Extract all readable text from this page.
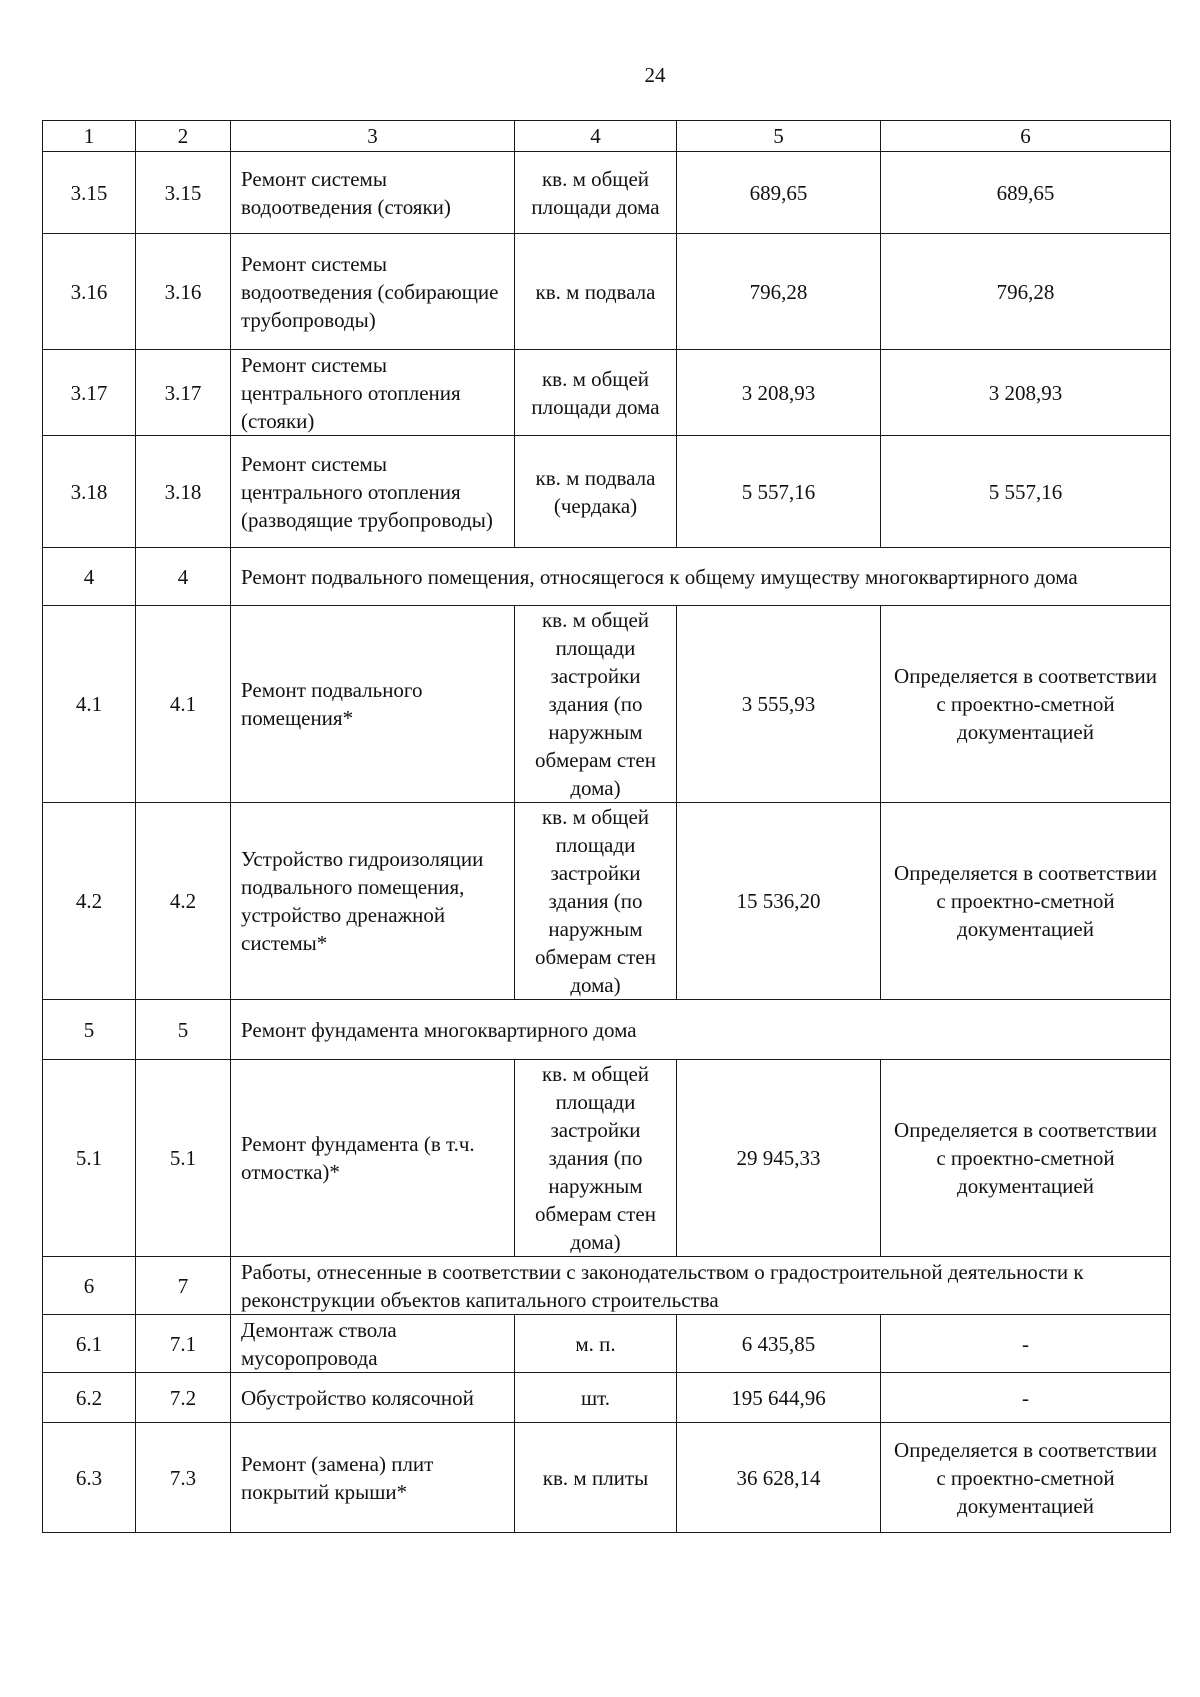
24
1	2	3	4	5	6
3.15	3.15	Ремонт системы водоотведения (стояки)	кв. м общей площади дома	689,65	689,65
3.16	3.16	Ремонт системы водоотведения (собирающие трубопроводы)	кв. м подвала	796,28	796,28
3.17	3.17	Ремонт системы центрального отопления (стояки)	кв. м общей площади дома	3 208,93	3 208,93
3.18	3.18	Ремонт системы центрального отопления (разводящие трубопроводы)	кв. м подвала (чердака)	5 557,16	5 557,16
4	4	Ремонт подвального помещения, относящегося к общему имуществу многоквартирного дома			
4.1	4.1	Ремонт подвального помещения*	кв. м общей площади застройки здания (по наружным обмерам стен дома)	3 555,93	Определяется в соответствии с проектно-сметной документацией
4.2	4.2	Устройство гидроизоляции подвального помещения, устройство дренажной системы*	кв. м общей площади застройки здания (по наружным обмерам стен дома)	15 536,20	Определяется в соответствии с проектно-сметной документацией
5	5	Ремонт фундамента многоквартирного дома			
5.1	5.1	Ремонт фундамента (в т.ч. отмостка)*	кв. м общей площади застройки здания (по наружным обмерам стен дома)	29 945,33	Определяется в соответствии с проектно-сметной документацией
6	7	Работы, отнесенные в соответствии с законодательством о градостроительной деятельности к реконструкции объектов капитального строительства			
6.1	7.1	Демонтаж ствола мусоропровода	м. п.	6 435,85	-
6.2	7.2	Обустройство колясочной	шт.	195 644,96	-
6.3	7.3	Ремонт (замена) плит покрытий крыши*	кв. м плиты	36 628,14	Определяется в соответствии с проектно-сметной документацией
